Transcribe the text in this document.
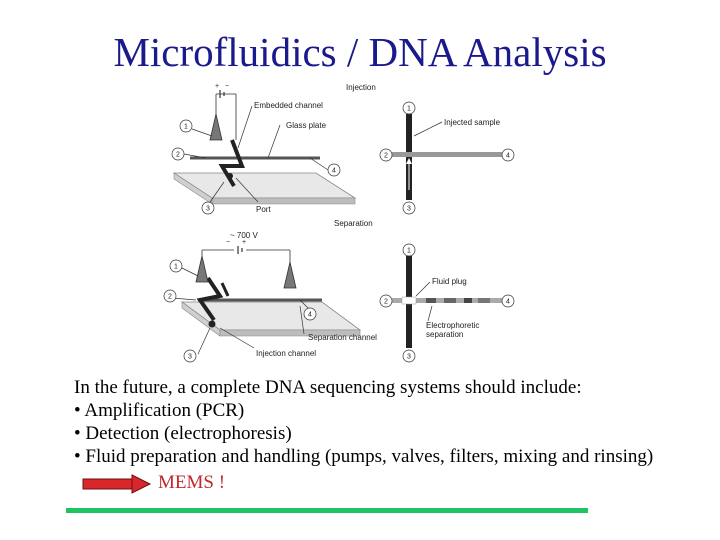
Microfluidics / DNA Analysis
Injection
+ −
Embedded channel
Glass plate
Port
1
2
3
4
Injected sample
1
2
3
4
Separation
~ 700 V
− +
Separation channel
Injection channel
1
2
3
4
Fluid plug
Electrophoretic
separation
1
2
3
4
In the future, a complete DNA sequencing systems should include:
• Amplification (PCR)
• Detection (electrophoresis)
• Fluid preparation and handling (pumps, valves, filters, mixing and rinsing)
MEMS !
